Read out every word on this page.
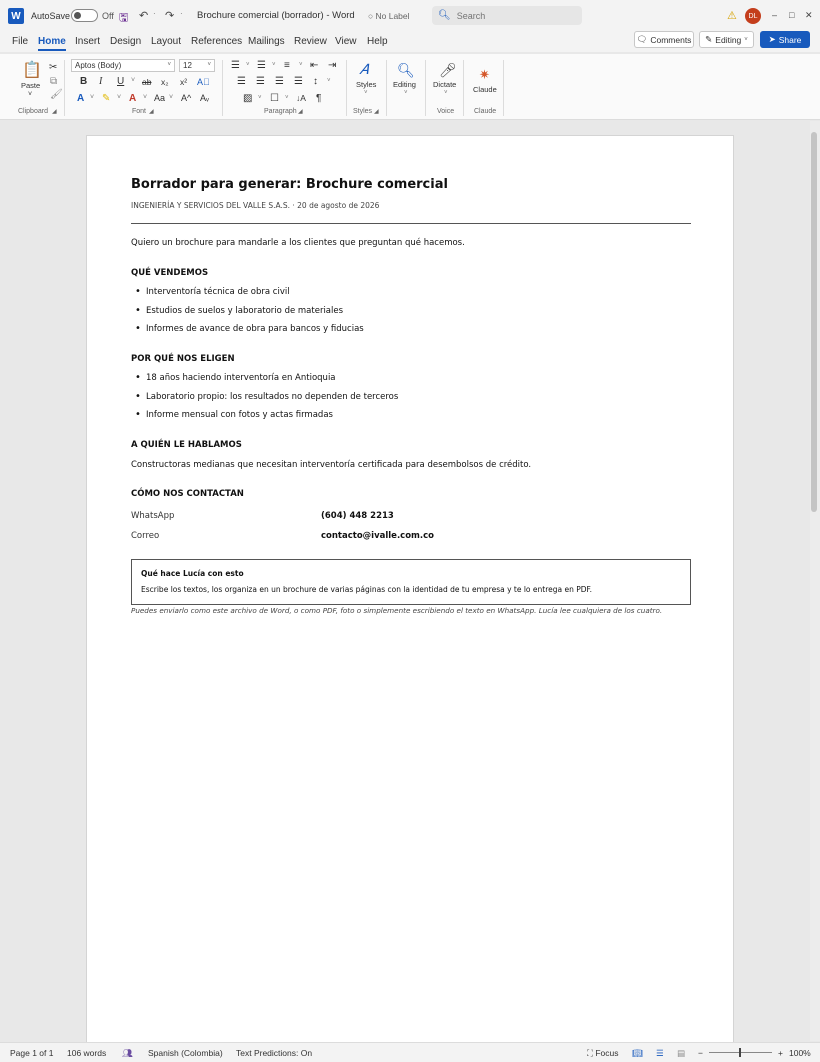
W	AutoSave	Off 🖫 ↶ · ↷ · Brochure comercial (borrador) - Word ○ No Label	🔍︎
Search	⚠	DL	– □ ✕
File Home Insert Design Layout References Mailings Review View Help	🗨 Comments ✎ Editing ˅ ➤ Share
📋
Paste
˅
✂
⧉
🖌︎
Clipboard ◢
Aptos (Body)	˅	12	˅
B I U ˅ ab x₂ x² A⃥
A ˅ ✎ ˅ A ˅ Aa ˅ A^ Aᵥ
Font ◢
☰ ˅ ☰ ˅ ≡ ˅ ⇤ ⇥
☰ ☰ ☰ ☰ ↕ ˅
▨ ˅ ☐ ˅ ↓A ¶
Paragraph ◢
𝐴
Styles
˅
Styles ◢
🔍︎
Editing
˅
🎤︎
Dictate
˅
Voice
✷
Claude
Claude
Borrador para generar: Brochure comercial
INGENIERÍA Y SERVICIOS DEL VALLE S.A.S. · 20 de agosto de 2026
Quiero un brochure para mandarle a los clientes que preguntan qué hacemos.
QUÉ VENDEMOS
• Interventoría técnica de obra civil
• Estudios de suelos y laboratorio de materiales
• Informes de avance de obra para bancos y fiducias
POR QUÉ NOS ELIGEN
• 18 años haciendo interventoría en Antioquia
• Laboratorio propio: los resultados no dependen de terceros
• Informe mensual con fotos y actas firmadas
A QUIÉN LE HABLAMOS
Constructoras medianas que necesitan interventoría certificada para desembolsos de crédito.
CÓMO NOS CONTACTAN
WhatsApp	(604) 448 2213
Correo	contacto@ivalle.com.co
Qué hace Lucía con esto
Escribe los textos, los organiza en un brochure de varias páginas con la identidad de tu empresa y te lo entrega en PDF.
Puedes enviarlo como este archivo de Word, o como PDF, foto o simplemente escribiendo el texto en WhatsApp. Lucía lee cualquiera de los cuatro.
Page 1 of 1 106 words 👥︎ Spanish (Colombia) Text Predictions: On	⛶ Focus 📖︎ ☰ ▤ −	+ 100%
